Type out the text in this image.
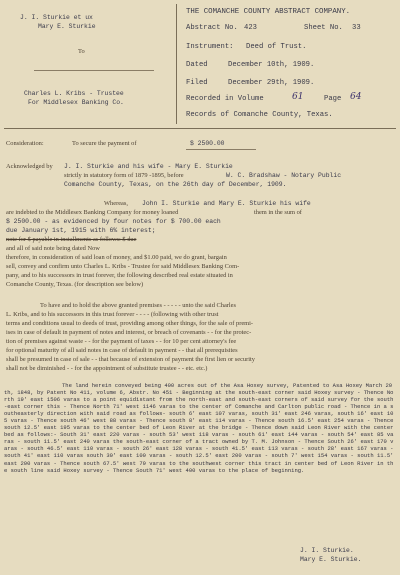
J. I. Sturkie et ux
Mary E. Sturkie
To
Charles L. Kribs - Trustee
For Middlesex Banking Co.
THE COMANCHE COUNTY ABSTRACT COMPANY.
Abstract No. 423	Sheet No. 33
Instrument: Deed of Trust.
Dated	December 10th, 1909.
Filed	December 29th, 1909.
Recorded in Volume	61	Page 64
Records of Comanche County, Texas.
Consideration:	To secure the payment of	$ 2500.00
Acknowledged by J. I. Sturkie and his wife - Mary E. Sturkie
strictly in statutory form of 1879 -1895, before	W. C. Bradshaw - Notary Public
Comanche County, Texas, on the 26th day of December, 1909.
Whereas, John I. Sturkie and Mary E. Sturkie his wife
are indebted to the Middlesex Banking Company for money loaned	them in the sum of
$ 2500.00 - as evidenced by four notes for $ 700.00 each
due January 1st, 1915 with 6% interest;
note for $ payable in installments as follows: $ due
and all of said note being dated Now
therefore, in consideration of said loan of money, and $1.00 paid, we do grant, bargain
sell, convey and confirm unto Charles L. Kribs - Trustee for said Middlesex Banking Com-
pany, and to his successors in trust forever, the following described real estate situated in
Comanche County, Texas. (for description see below)
To have and to hold the above granted premises - - - - - unto the said Charles
L. Kribs, and to his successors in this trust forever - - - - (following with other trust
terms and conditions usual to deeds of trust, providing among other things, for the sale of premi-
ises in case of default in payment of notes and interest, or breach of covenants - - for the protec-
tion of premises against waste - - for the payment of taxes - - for 10 per cent attorney's fee
for optional maturity of all said notes in case of default in payment - - that all prerequisites
shall be presumed in case of sale - - that because of extension of payment the first lien or security
shall not be diminished - - for the appointment of substitute trustee - - etc. etc.)
The land herein conveyed being 400 acres out of the Asa Hoxey survey, Patented to Asa Hoxey March 20th, 1848, by Patent No 411, volume 6, Abstr. No 451 - Beginning at the south-east corner said Hoxey survey - Thence North 19' east 1506 varas to a point equidistant from the north-east and south-east corners of said survey for the south-east corner this - Thence North 71' west 1146 varas to the center of Comanche and Carlton public road - Thence in a southeasterly direction with said road as follows- south 6' east 107 varas, south 31' east 246 varas, south 16' east 105 varas - Thence south 46' west 88 varas - Thence south 8' east 114 varas - Thence south 16.5' east 254 varas - Thence south 12.5' east 195 varas to the center bed of Leon River at the bridge - Thence down said Leon River with the center bed as follows:- South 31' east 220 varas - south 53' west 118 varas - south 61' east 144 varas - south 54' east 85 varas - south 11.5' east 240 varas the south-east corner of a tract owned by T. M. Johnson - Thence South 26' east 170 varas - south 46.5' east 110 varas - south 26' east 128 varas - south 41.5' east 113 varas - south 28' east 167 varas - south 41' east 110 varas south 30' east 100 varas - south 12.5' east 200 varas - south 7' west 154 varas - south 11.5' east 200 varas - Thence south 67.5' west 79 varas to the southwest corner this tract in center bed of Leon River in the south line said Hoxey survey - Thence South 71' west 400 varas to the place of beginning.
J. I. Sturkie.
Mary E. Sturkie.
